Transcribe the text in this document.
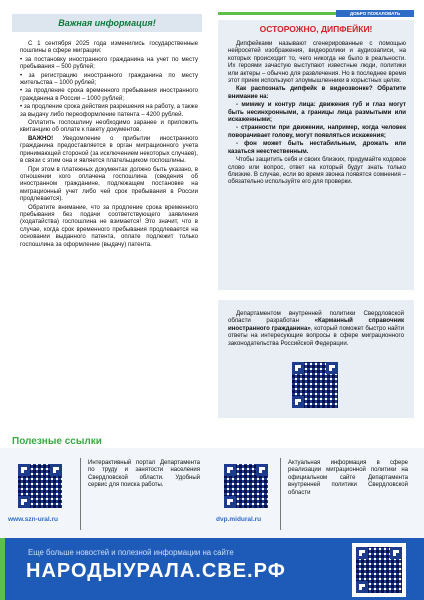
Важная информация!

С 1 сентября 2025 года изменились государственные пошлины в сфере миграции:

• за постановку иностранного гражданина на учет по месту пребывания – 500 рублей;

• за регистрацию иностранного гражданина по месту жительства – 1000 рублей;

• за продление срока временного пребывания иностранного гражданина в России – 1000 рублей;

• за продление срока действия разрешения на работу, а также за выдачу либо переоформление патента – 4200 рублей.

Оплатить госпошлину необходимо заранее и приложить квитанцию об оплате к пакету документов.

ВАЖНО! Уведомление о прибытии иностранного гражданина предоставляется в орган миграционного учета принимающей стороной (за исключением некоторых случаев), в связи с этим она и является плательщиком госпошлины.

При этом в платежных документах должно быть указано, в отношении кого оплачена госпошлина (сведения об иностранном гражданине, подлежащем постановке на миграционный учет либо чей срок пребывания в России продлевается).

Обратите внимание, что за продление срока временного пребывания без подачи соответствующего заявления (ходатайства) госпошлина не взимается! Это значит, что в случае, когда срок временного пребывания продлевается на основании выданного патента, оплате подлежит только госпошлина за оформление (выдачу) патента.

ДОБРО ПОЖАЛОВАТЬ
ОСТОРОЖНО, ДИПФЕЙКИ!

Дипфейками называют сгенерированные с помощью нейросетей изображения, видеоролики и аудиозаписи, на которых происходит то, чего никогда не было в реальности. Их героями зачастую выступают известные люди, политики или актеры – обычно для развлечения. Но в последнее время этот прием используют злоумышленники в корыстных целях.

Как распознать дипфейк в видеозвонке? Обратите внимание на:

- мимику и контур лица: движения губ и глаз могут быть несинхронными, а границы лица размытыми или искаженными;

- странности при движении, например, когда человек поворачивает голову, могут появляться искажения;

- фон может быть нестабильным, дрожать или казаться неестественным.

Чтобы защитить себя и своих близких, придумайте кодовое слово или вопрос, ответ на который будут знать только близкие. В случае, если во время звонка появятся сомнения – обязательно используйте его для проверки.

Департаментом внутренней политики Свердловской области разработан «Карманный справочник иностранного гражданина», который поможет быстро найти ответы на интересующие вопросы в сфере миграционного законодательства Российской Федерации.
Полезные ссылки
www.szn-ural.ru
Интерактивный портал Департамента по труду и занятости населения Свердловской области. Удобный сервис для поиска работы.
dvp.midural.ru
Актуальная информация в сфере реализации миграционной политики на официальном сайте Департамента внутренней политики Свердловской области
Еще больше новостей и полезной информации на сайте
НАРОДЫУРАЛА.СВЕ.РФ
